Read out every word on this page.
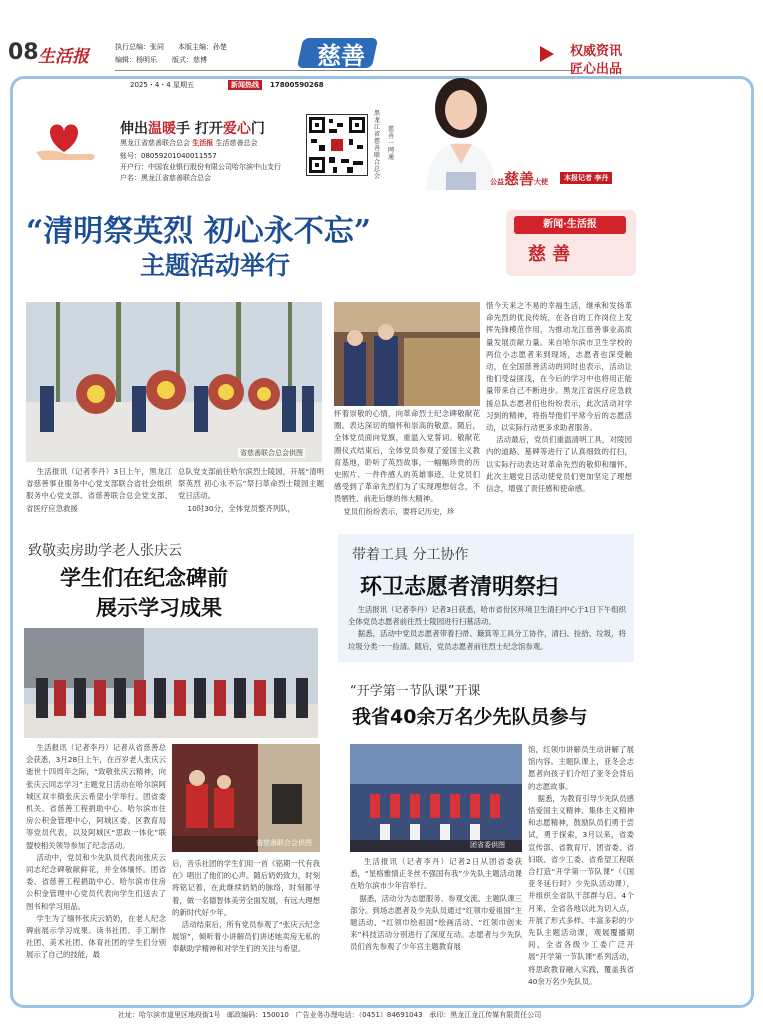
08 生活报	执行总编：张同 本版主编：孙楚
编辑：杨明乐 版式：慈博	慈善	权威资讯
匠心出品
2025・4・4 星期五	新闻热线	17800590268
伸出温暖手 打开爱心门
黑龙江省慈善联合总会 生活报 生活慈善总会
账号：08059201040011557
开户行：中国农业银行股份有限公司哈尔滨中山支行
户名：黑龙江省慈善联合总会
黑龙江省慈善联合总会
慈善一网通
公益慈善大使	本报记者 李丹
“清明祭英烈 初心永不忘”
主题活动举行
新闻·生活报
慈 善
省慈善联合总会供图
生活报讯（记者李丹）3日上午，黑龙江省慈善事业服务中心党支部联合省社会组织服务中心党支部、省慈善联合总会党支部、省医疗应急救援
总队党支部前往哈尔滨烈士陵园，开展“清明祭英烈 初心永不忘”祭扫革命烈士陵园主题党日活动。
10时30分，全体党员整齐列队，
怀着崇敬的心情，向革命烈士纪念碑敬献花圈。表达深切的缅怀和崇高的敬意。随后，全体党员面向党旗，重温入党誓词。敬献花圈仪式结束后，全体党员参观了爱国主义教育基地，聆听了英烈故事。一幅幅珍贵的历史照片、一件件感人的英雄事迹，让党员们感受到了革命先烈们为了实现理想信念，不畏牺牲、前赴后继的伟大精神。
党员们纷纷表示，要将记历史，珍
惜今天来之不易的幸福生活，继承和发扬革命先烈的优良传统，在各自的工作岗位上发挥先锋模范作用，为推动龙江慈善事业高质量发展贡献力量。来自哈尔滨市卫生学校的两位小志愿者来到现场，志愿者也深受触动，在全国慈善活动的同时也表示，活动让他们受益匪浅，在今后的学习中也将用正能量带来自己不断进步。黑龙江省医疗应急救援总队志愿者们也纷纷表示，此次活动对学习到的精神，将指导他们平常今后的志愿活动，以实际行动更多求助者服务。
活动最后，党员们重温清明工具，对陵园内的道路、墓碑等进行了认真细致的打扫，以实际行动表达对革命先烈的敬仰和缅怀。此次主题党日活动使党员们更加坚定了理想信念，增强了责任感和使命感。
致敬卖房助学老人张庆云
学生们在纪念碑前
展示学习成果
生活报讯（记者李丹）记者从省慈善总会获悉，3月28日上午，在百岁老人张庆云逝世十四周年之际，“致敬张庆云精神，向张庆云同志学习”主题党日活动在哈尔滨阿城区双丰镇张庆云希望小学举行。团省委机关、省慈善工程捐助中心、哈尔滨市住房公积金管理中心，阿城区委、区教育局等党员代表，以及阿城区“思政一体化”联盟校相关领导参加了纪念活动。
活动中，党员和少先队员代表向张庆云同志纪念碑敬献鲜花，并全体缅怀。团省委、省慈善工程捐助中心、哈尔滨市住房公积金管理中心党员代表向学生们送去了图书和学习用品。
学生为了缅怀张庆云奶奶，在老人纪念碑前展示学习成果。读书社团、手工制作社团、美术社团、体育社团的学生们分别展示了自己的技能，最
省慈善联合会供图
后，音乐社团的学生们用一首《铭期一代有我在》唱出了他们的心声。随后奶奶致力，时刻将铭记着，在此继续奶奶的脉络，时刻都寻着，做一名德智体美劳全面发展，有远大理想的新时代好少年。
活动结束后，所有党员参观了“张庆云纪念展馆”，倾听着小讲解员们讲述她卖房无私的奉献助学精神和对学生们的关注与希望。
带着工具 分工协作
环卫志愿者清明祭扫
生活报讯（记者李丹）记者3日获悉，哈市省份区环境卫生清扫中心于1日下午组织全体党员志愿者前往烈士陵园进行扫墓活动。
据悉，活动中党员志愿者带着扫帚、簸箕等工具分工协作，清扫、捡拾、垃圾，将垃圾分类一一捡清。随后，党员志愿者前往烈士纪念馆参观。
“开学第一节队课”开课
我省40余万名少先队员参与
团省委供图
生活报讯（记者李丹）记者2日从团省委获悉，“星格雅情正冬丝不强国有我”少先队主题活动课在哈尔滨市少年宫举行。
据悉，活动分为志愿服务、参观交流、主题队课三部分。到场志愿者及少先队员通过“红领巾爱祖国”主题活动、“红领巾绘祖国”绘画活动、“红领巾创未来”科技活动分别进行了深度互动。志愿者与少先队员们首先参观了少年宫主题教育展
馆，红领巾讲解员生动讲解了展馆内容。主题队课上，亚冬会志愿者向孩子们介绍了亚冬会背后的志愿故事。
据悉，为教育引导少先队员感悟爱国主义精神、集体主义精神和志愿精神，鼓励队员们勇于尝试，勇于探索，3月以来，省委宣传部、省教育厅、团省委、省妇联、省少工委、省希望工程联合打造“开学第一节队课”（《国亚冬延行时》少先队活动课），并组织全省队干部群与启。4个月来，全省各地以此为切入点，开展了形式多样、丰富多彩的少先队主题活动课，观展覆播期间，全省各级少工委广泛开展“开学第一节队课”系列活动，将思政教育融入实践，覆盖我省40余万名少先队员。
社址：哈尔滨市道里区地段街1号 邮政编码：150010 广告业务办理电话：（0451）84691043 承印：黑龙江龙江传媒有限责任公司
